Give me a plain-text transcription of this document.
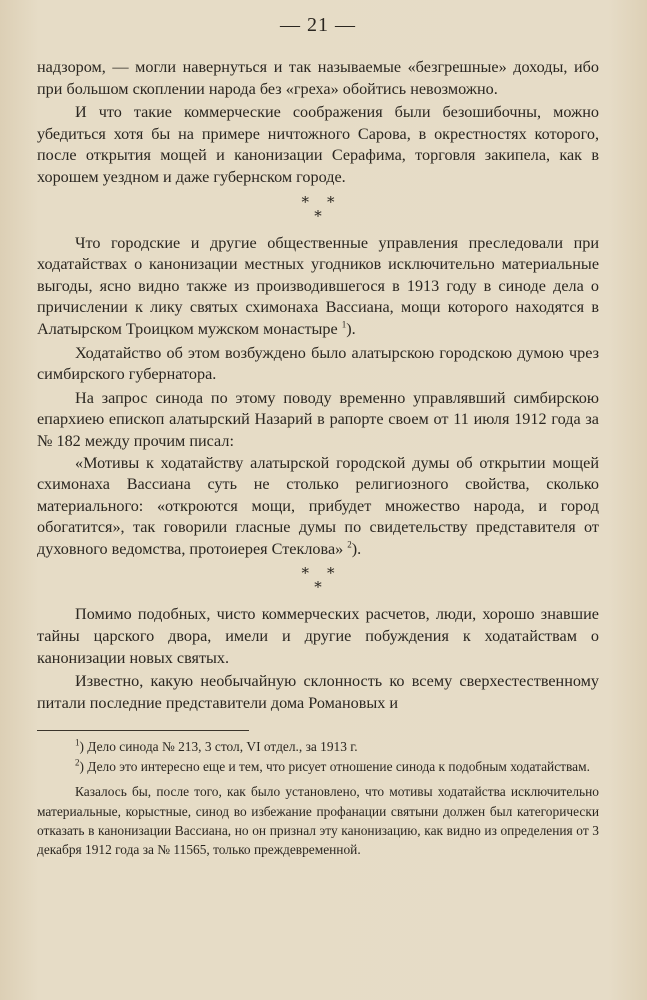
— 21 —

надзором, — могли навернуться и так называемые «безгрешные» доходы, ибо при большом скоплении народа без «греха» обойтись невозможно.

И что такие коммерческие соображения были безошибочны, можно убедиться хотя бы на примере ничтожного Сарова, в окрестностях которого, после открытия мощей и канонизации Серафима, торговля закипела, как в хорошем уездном и даже губернском городе.

**
*

Что городские и другие общественные управления преследовали при ходатайствах о канонизации местных угодников исключительно материальные выгоды, ясно видно также из производившегося в 1913 году в синоде дела о причислении к лику святых схимонаха Вассиана, мощи которого находятся в Алатырском Троицком мужском монастыре $^1$).

Ходатайство об этом возбуждено было алатырскою городскою думою чрез симбирского губернатора.

На запрос синода по этому поводу временно управлявший симбирскою епархиею епископ алатырский Назарий в рапорте своем от 11 июля 1912 года за № 182 между прочим писал:

«Мотивы к ходатайству алатырской городской думы об открытии мощей схимонаха Вассиана суть не столько религиозного свойства, сколько материального: «откроются мощи, прибудет множество народа, и город обогатится», так говорили гласные думы по свидетельству представителя от духовного ведомства, протоиерея Стеклова» $^2$).

**
*

Помимо подобных, чисто коммерческих расчетов, люди, хорошо знавшие тайны царского двора, имели и другие побуждения к ходатайствам о канонизации новых святых.

Известно, какую необычайную склонность ко всему сверхестественному питали последние представители дома Романовых и

$^1$) Дело синода № 213, 3 стол, VI отдел., за 1913 г.

$^2$) Дело это интересно еще и тем, что рисует отношение синода к подобным ходатайствам.

Казалось бы, после того, как было установлено, что мотивы ходатайства исключительно материальные, корыстные, синод во избежание профанации святыни должен был категорически отказать в канонизации Вассиана, но он признал эту канонизацию, как видно из определения от 3 декабря 1912 года за № 11565, только преждевременной.
